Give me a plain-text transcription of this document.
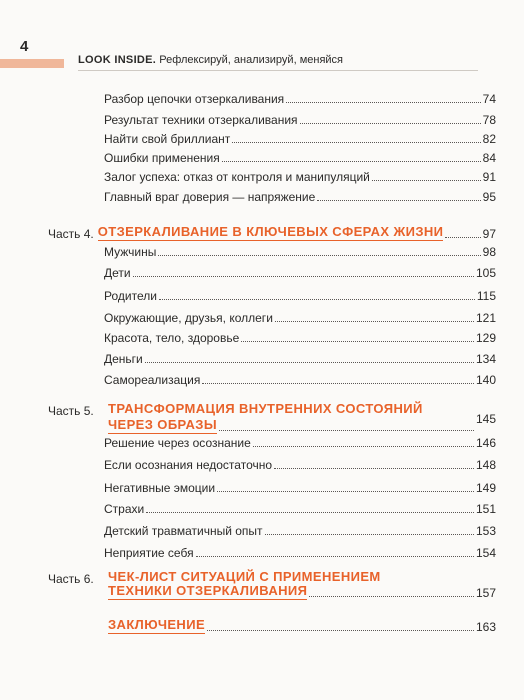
4
LOOK INSIDE. Рефлексируй, анализируй, меняйся
Разбор цепочки отзеркаливания	74
Результат техники отзеркаливания	78
Найти свой бриллиант	82
Ошибки применения	84
Залог успеха: отказ от контроля и манипуляций	91
Главный враг доверия — напряжение	95
Часть 4. ОТЗЕРКАЛИВАНИЕ В КЛЮЧЕВЫХ СФЕРАХ ЖИЗНИ	97
Мужчины	98
Дети	105
Родители	115
Окружающие, друзья, коллеги	121
Красота, тело, здоровье	129
Деньги	134
Самореализация	140
Часть 5. ТРАНСФОРМАЦИЯ ВНУТРЕННИХ СОСТОЯНИЙ
ЧЕРЕЗ ОБРАЗЫ	145
Решение через осознание	146
Если осознания недостаточно	148
Негативные эмоции	149
Страхи	151
Детский травматичный опыт	153
Неприятие себя	154
Часть 6. ЧЕК-ЛИСТ СИТУАЦИЙ С ПРИМЕНЕНИЕМ
ТЕХНИКИ ОТЗЕРКАЛИВАНИЯ	157
ЗАКЛЮЧЕНИЕ	163
